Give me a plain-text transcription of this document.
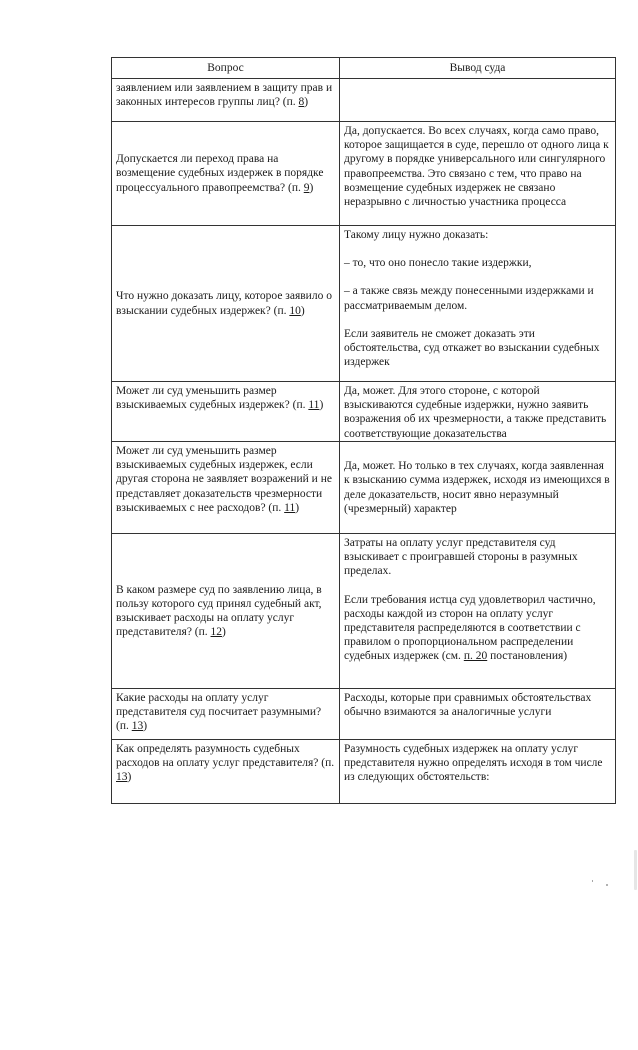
Вопрос	Вывод суда
заявлением или заявлением в защиту прав и законных интересов группы лиц? (п. 8)	
Допускается ли переход права на возмещение судебных издержек в порядке процессуального правопреемства? (п. 9)	Да, допускается. Во всех случаях, когда само право, которое защищается в суде, перешло от одного лица к другому в порядке универсального или сингулярного правопреемства. Это связано с тем, что право на возмещение судебных издержек не связано неразрывно с личностью участника процесса

Что нужно доказать лицу, которое заявило о взыскании судебных издержек? (п. 10)	Такому лицу нужно доказать:
– то, что оно понесло такие издержки,
– а также связь между понесенными издержками и рассматриваемым делом.
Если заявитель не сможет доказать эти обстоятельства, суд откажет во взыскании судебных издержек

Может ли суд уменьшить размер взыскиваемых судебных издержек? (п. 11)	Да, может. Для этого стороне, с которой взыскиваются судебные издержки, нужно заявить возражения об их чрезмерности, а также представить соответствующие доказательства

Может ли суд уменьшить размер взыскиваемых судебных издержек, если другая сторона не заявляет возражений и не представляет доказательств чрезмерности взыскиваемых с нее расходов? (п. 11)	Да, может. Но только в тех случаях, когда заявленная к взысканию сумма издержек, исходя из имеющихся в деле доказательств, носит явно неразумный (чрезмерный) характер

В каком размере суд по заявлению лица, в пользу которого суд принял судебный акт, взыскивает расходы на оплату услуг представителя? (п. 12)	Затраты на оплату услуг представителя суд взыскивает с проигравшей стороны в разумных пределах.
Если требования истца суд удовлетворил частично, расходы каждой из сторон на оплату услуг представителя распределяются в соответствии с правилом о пропорциональном распределении судебных издержек (см. п. 20 постановления)

Какие расходы на оплату услуг представителя суд посчитает разумными? (п. 13)	Расходы, которые при сравнимых обстоятельствах обычно взимаются за аналогичные услуги

Как определять разумность судебных расходов на оплату услуг представителя? (п. 13)	Разумность судебных издержек на оплату услуг представителя нужно определять исходя в том числе из следующих обстоятельств:
